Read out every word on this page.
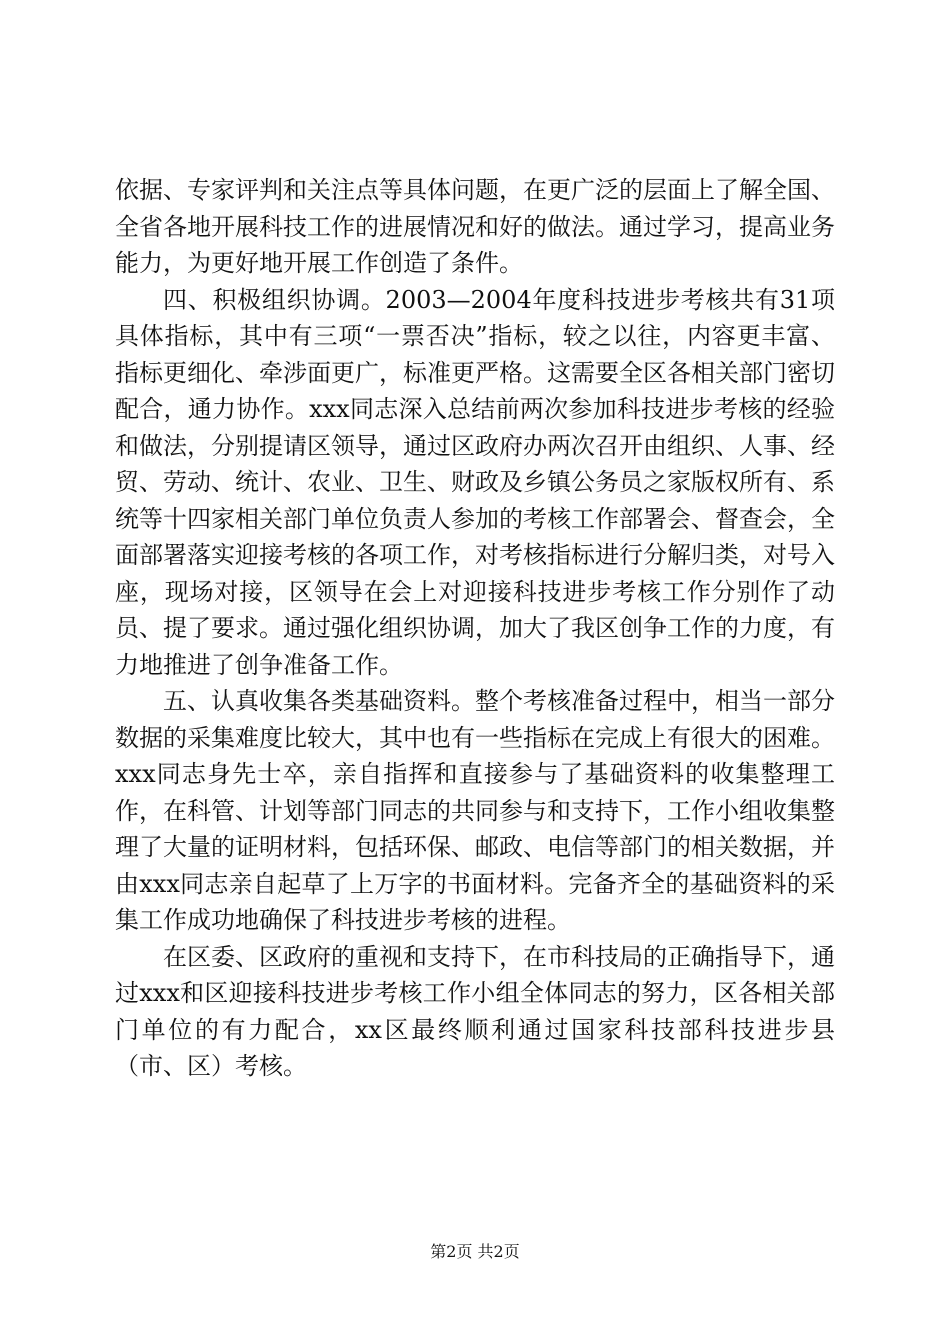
依据、专家评判和关注点等具体问题，在更广泛的层面上了解全国、全省各地开展科技工作的进展情况和好的做法。通过学习，提高业务能力，为更好地开展工作创造了条件。

四、积极组织协调。2003—2004年度科技进步考核共有31项具体指标，其中有三项“一票否决”指标，较之以往，内容更丰富、指标更细化、牵涉面更广，标准更严格。这需要全区各相关部门密切配合，通力协作。xxx同志深入总结前两次参加科技进步考核的经验和做法，分别提请区领导，通过区政府办两次召开由组织、人事、经贸、劳动、统计、农业、卫生、财政及乡镇公务员之家版权所有、系统等十四家相关部门单位负责人参加的考核工作部署会、督查会，全面部署落实迎接考核的各项工作，对考核指标进行分解归类，对号入座，现场对接，区领导在会上对迎接科技进步考核工作分别作了动员、提了要求。通过强化组织协调，加大了我区创争工作的力度，有力地推进了创争准备工作。

五、认真收集各类基础资料。整个考核准备过程中，相当一部分数据的采集难度比较大，其中也有一些指标在完成上有很大的困难。xxx同志身先士卒，亲自指挥和直接参与了基础资料的收集整理工作，在科管、计划等部门同志的共同参与和支持下，工作小组收集整理了大量的证明材料，包括环保、邮政、电信等部门的相关数据，并由xxx同志亲自起草了上万字的书面材料。完备齐全的基础资料的采集工作成功地确保了科技进步考核的进程。

在区委、区政府的重视和支持下，在市科技局的正确指导下，通过xxx和区迎接科技进步考核工作小组全体同志的努力，区各相关部门单位的有力配合，xx区最终顺利通过国家科技部科技进步县（市、区）考核。

第2页 共2页
